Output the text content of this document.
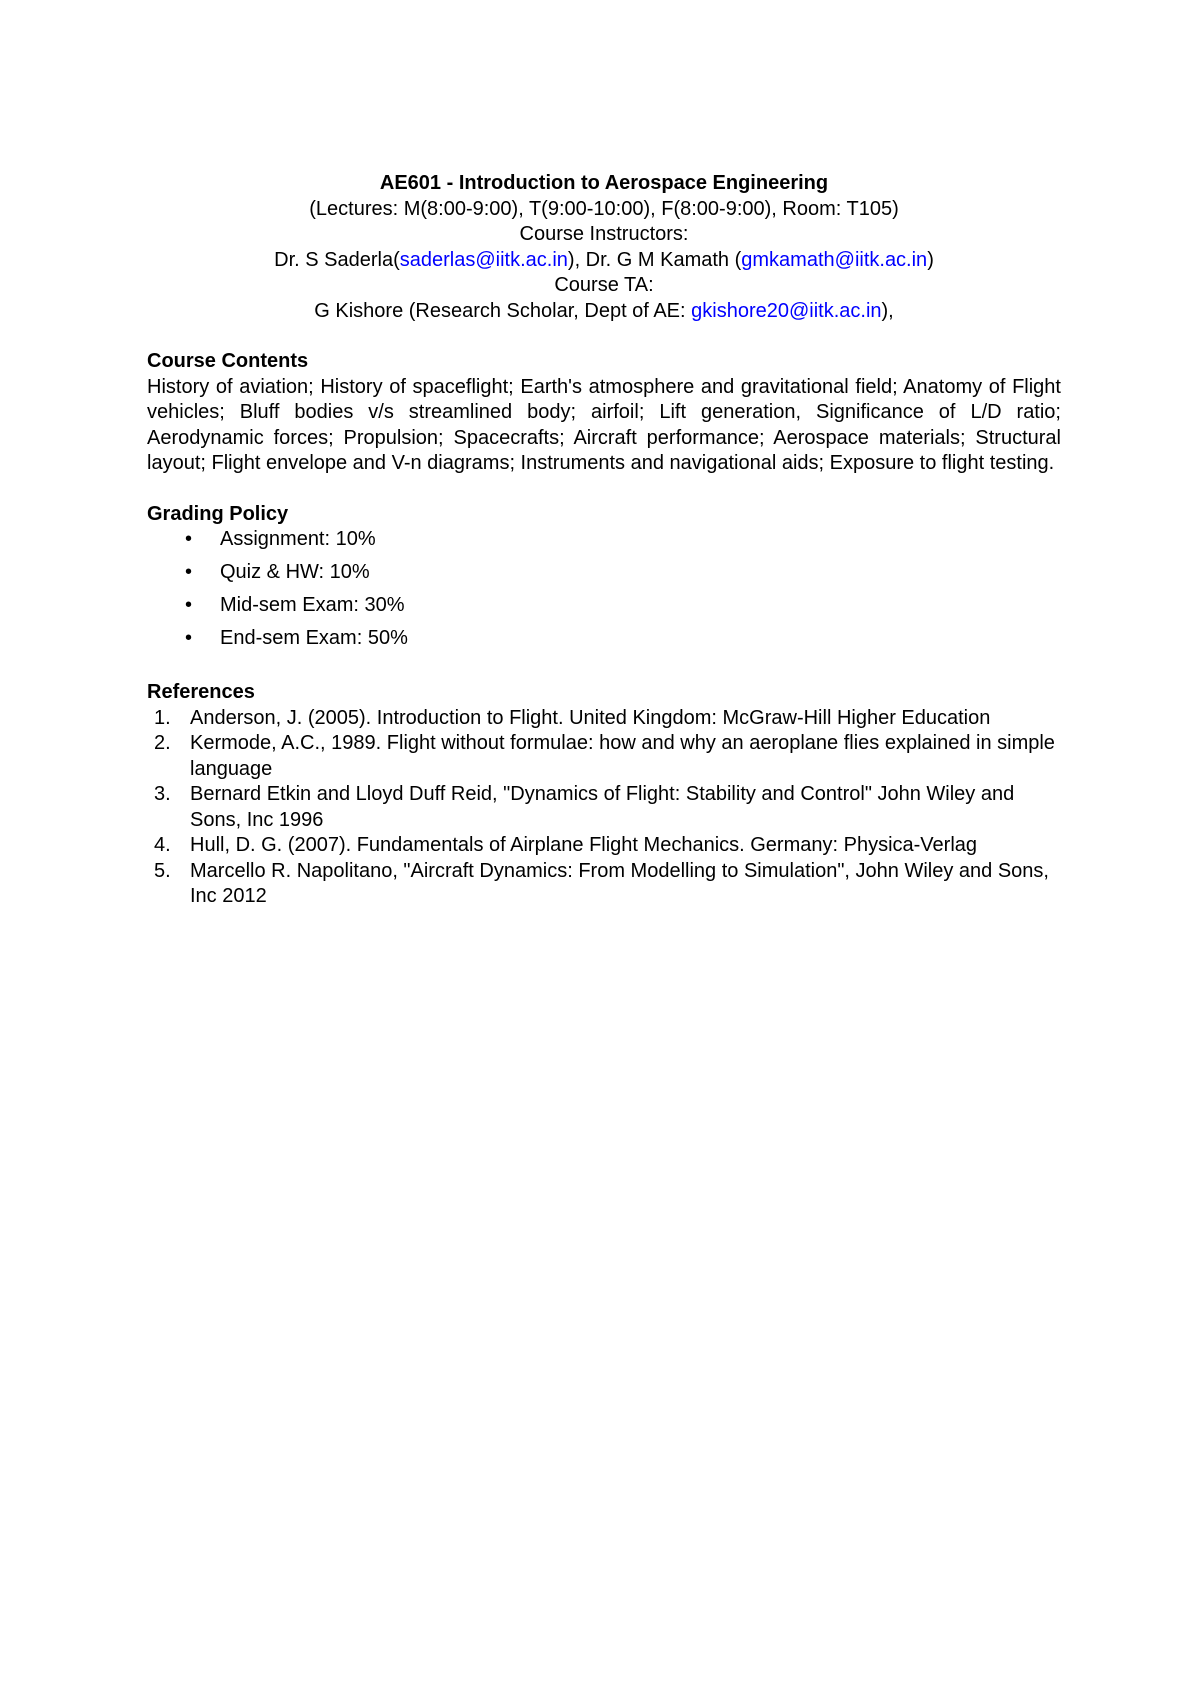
AE601 - Introduction to Aerospace Engineering
(Lectures: M(8:00-9:00), T(9:00-10:00), F(8:00-9:00), Room: T105)
Course Instructors:
Dr. S Saderla(saderlas@iitk.ac.in), Dr. G M Kamath (gmkamath@iitk.ac.in)
Course TA:
G Kishore (Research Scholar, Dept of AE: gkishore20@iitk.ac.in),
Course Contents
History of aviation; History of spaceflight; Earth's atmosphere and gravitational field; Anatomy of Flight vehicles; Bluff bodies v/s streamlined body; airfoil; Lift generation, Significance of L/D ratio; Aerodynamic forces; Propulsion; Spacecrafts; Aircraft performance; Aerospace materials; Structural layout; Flight envelope and V-n diagrams; Instruments and navigational aids; Exposure to flight testing.
Grading Policy
• Assignment: 10%
• Quiz & HW: 10%
• Mid-sem Exam: 30%
• End-sem Exam: 50%
References
1. Anderson, J. (2005). Introduction to Flight. United Kingdom: McGraw-Hill Higher Education
2. Kermode, A.C., 1989. Flight without formulae: how and why an aeroplane flies explained in simple language
3. Bernard Etkin and Lloyd Duff Reid, "Dynamics of Flight: Stability and Control" John Wiley and Sons, Inc 1996
4. Hull, D. G. (2007). Fundamentals of Airplane Flight Mechanics. Germany: Physica-Verlag
5. Marcello R. Napolitano, "Aircraft Dynamics: From Modelling to Simulation", John Wiley and Sons, Inc 2012
